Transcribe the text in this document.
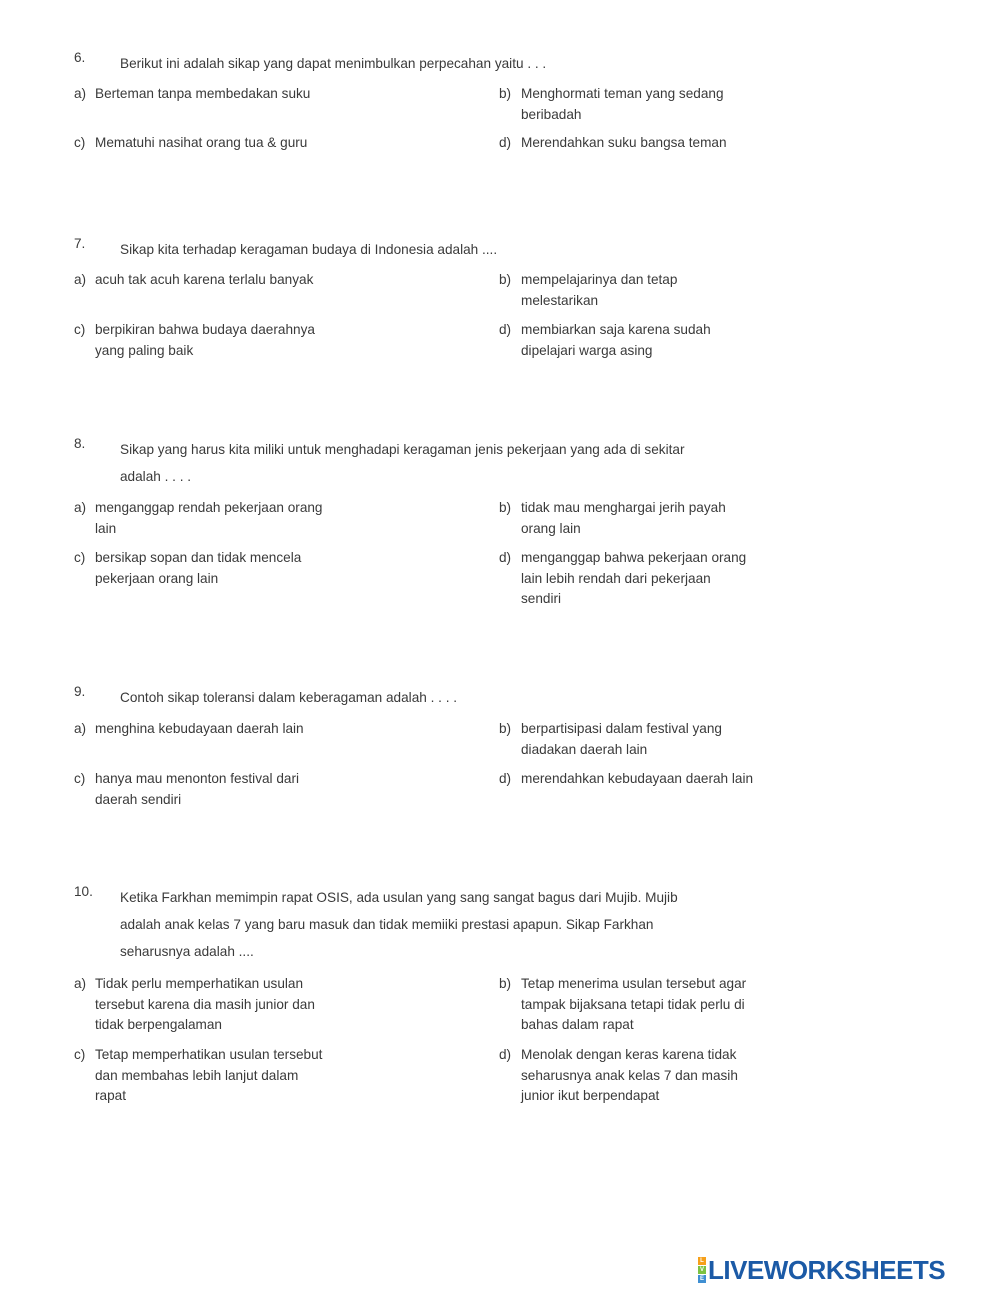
6.	Berikut ini adalah sikap yang dapat menimbulkan perpecahan yaitu . . .
a) Berteman tanpa membedakan suku	b) Menghormati teman yang sedang
beribadah
c) Mematuhi nasihat orang tua & guru	d) Merendahkan suku bangsa teman
7.	Sikap kita terhadap keragaman budaya di Indonesia adalah ....
a) acuh tak acuh karena terlalu banyak	b) mempelajarinya dan tetap
melestarikan
c) berpikiran bahwa budaya daerahnya
yang paling baik
d) membiarkan saja karena sudah
dipelajari warga asing
8.	Sikap yang harus kita miliki untuk menghadapi keragaman jenis pekerjaan yang ada di sekitar
adalah . . . .
a) menganggap rendah pekerjaan orang
lain
b) tidak mau menghargai jerih payah
orang lain
c) bersikap sopan dan tidak mencela
pekerjaan orang lain
d) menganggap bahwa pekerjaan orang
lain lebih rendah dari pekerjaan
sendiri
9.	Contoh sikap toleransi dalam keberagaman adalah . . . .
a) menghina kebudayaan daerah lain	b) berpartisipasi dalam festival yang
diadakan daerah lain
c) hanya mau menonton festival dari
daerah sendiri
d) merendahkan kebudayaan daerah lain
10. Ketika Farkhan memimpin rapat OSIS, ada usulan yang sang sangat bagus dari Mujib. Mujib
adalah anak kelas 7 yang baru masuk dan tidak memiiki prestasi apapun. Sikap Farkhan
seharusnya adalah ....
a) Tidak perlu memperhatikan usulan
tersebut karena dia masih junior dan
tidak berpengalaman
b) Tetap menerima usulan tersebut agar
tampak bijaksana tetapi tidak perlu di
bahas dalam rapat
c) Tetap memperhatikan usulan tersebut
dan membahas lebih lanjut dalam
rapat
d) Menolak dengan keras karena tidak
seharusnya anak kelas 7 dan masih
junior ikut berpendapat
L
V
E LIVEWORKSHEETS
